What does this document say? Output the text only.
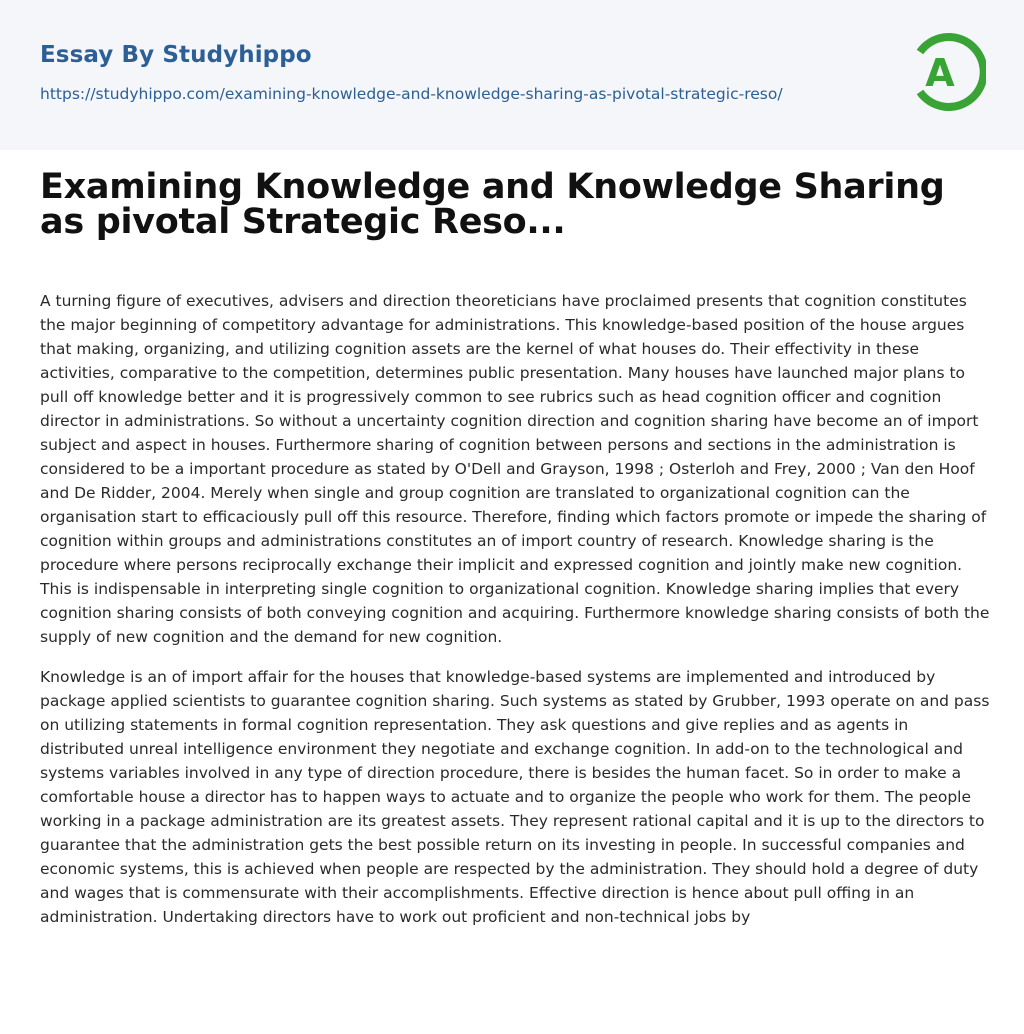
Essay By Studyhippo
https://studyhippo.com/examining-knowledge-and-knowledge-sharing-as-pivotal-strategic-reso/	A
Examining Knowledge and Knowledge Sharing as pivotal Strategic Reso...

A turning figure of executives, advisers and direction theoreticians have proclaimed presents that cognition constitutes the major beginning of competitory advantage for administrations. This knowledge-based position of the house argues that making, organizing, and utilizing cognition assets are the kernel of what houses do. Their effectivity in these activities, comparative to the competition, determines public presentation. Many houses have launched major plans to pull off knowledge better and it is progressively common to see rubrics such as head cognition officer and cognition director in administrations. So without a uncertainty cognition direction and cognition sharing have become an of import subject and aspect in houses. Furthermore sharing of cognition between persons and sections in the administration is considered to be a important procedure as stated by O'Dell and Grayson, 1998 ; Osterloh and Frey, 2000 ; Van den Hoof and De Ridder, 2004. Merely when single and group cognition are translated to organizational cognition can the organisation start to efficaciously pull off this resource. Therefore, finding which factors promote or impede the sharing of cognition within groups and administrations constitutes an of import country of research. Knowledge sharing is the procedure where persons reciprocally exchange their implicit and expressed cognition and jointly make new cognition. This is indispensable in interpreting single cognition to organizational cognition. Knowledge sharing implies that every cognition sharing consists of both conveying cognition and acquiring. Furthermore knowledge sharing consists of both the supply of new cognition and the demand for new cognition.

Knowledge is an of import affair for the houses that knowledge-based systems are implemented and introduced by package applied scientists to guarantee cognition sharing. Such systems as stated by Grubber, 1993 operate on and pass on utilizing statements in formal cognition representation. They ask questions and give replies and as agents in distributed unreal intelligence environment they negotiate and exchange cognition. In add-on to the technological and systems variables involved in any type of direction procedure, there is besides the human facet. So in order to make a comfortable house a director has to happen ways to actuate and to organize the people who work for them. The people working in a package administration are its greatest assets. They represent rational capital and it is up to the directors to guarantee that the administration gets the best possible return on its investing in people. In successful companies and economic systems, this is achieved when people are respected by the administration. They should hold a degree of duty and wages that is commensurate with their accomplishments. Effective direction is hence about pull offing in an administration. Undertaking directors have to work out proficient and non-technical jobs by
